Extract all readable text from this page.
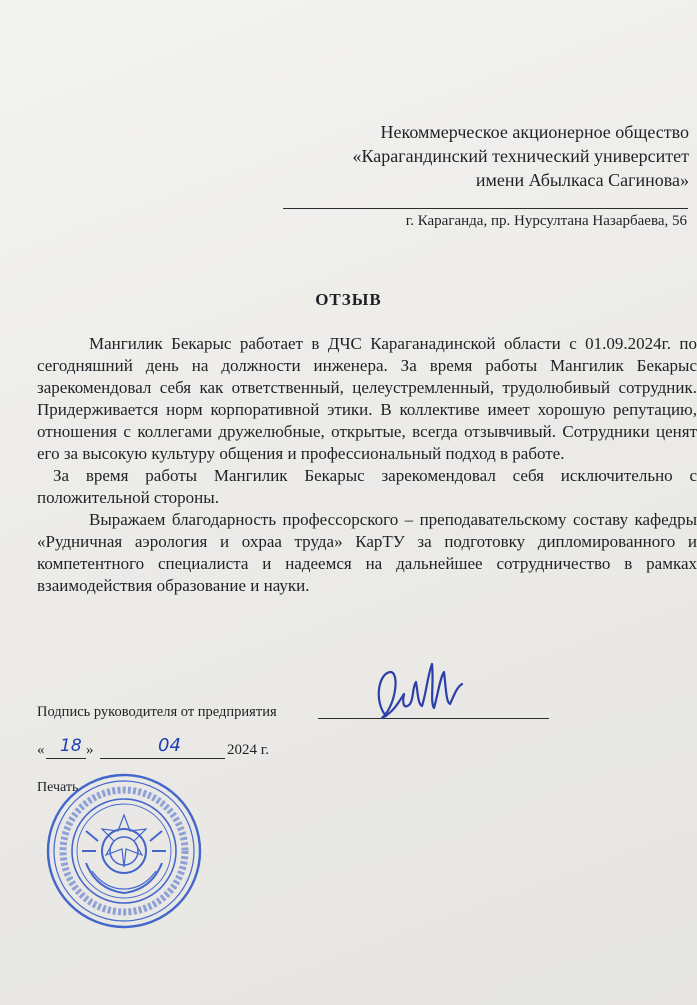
Некоммерческое акционерное общество
«Карагандинский технический университет
имени Абылкаса Сагинова»
г. Караганда, пр. Нурсултана Назарбаева, 56
ОТЗЫВ

Мангилик Бекарыс работает в ДЧС Караганадинской области с 01.09.2024г. по сегодняшний день на должности инженера. За время работы Мангилик Бекарыс зарекомендовал себя как ответственный, целеустремленный, трудолюбивый сотрудник. Придерживается норм корпоративной этики. В коллективе имеет хорошую репутацию, отношения с коллегами дружелюбные, открытые, всегда отзывчивый. Сотрудники ценят его за высокую культуру общения и профессиональный подход в работе.

За время работы Мангилик Бекарыс зарекомендовал себя исключительно с положительной стороны.

Выражаем благодарность профессорского – преподавательскому составу кафедры «Рудничная аэрология и охраа труда» КарТУ за подготовку дипломированного и компетентного специалиста и надеемся на дальнейшее сотрудничество в рамках взаимодействия образование и науки.

Подпись руководителя от предприятия
« 18 »	04	2024 г.
Печать
